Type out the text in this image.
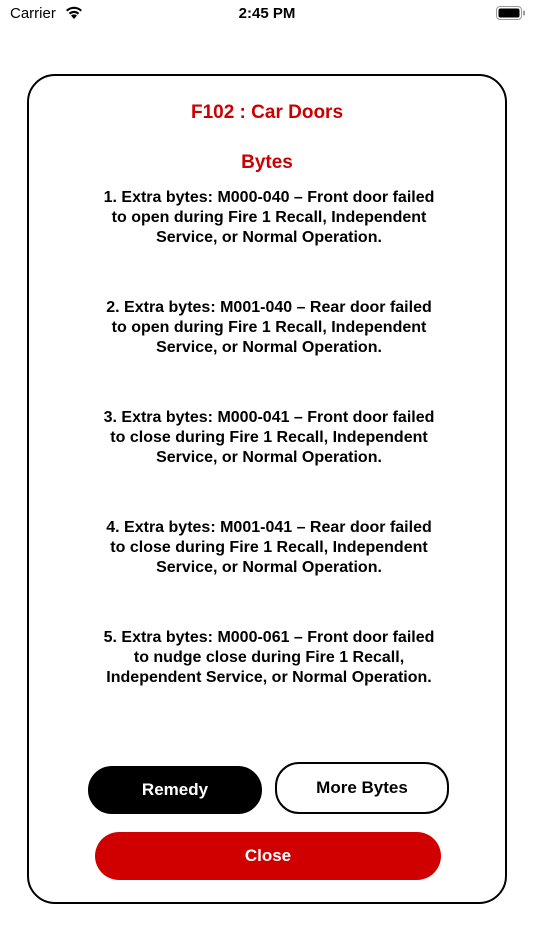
Carrier	2:45 PM
F102 : Car Doors
Bytes
1. Extra bytes: M000-040 – Front door failed
to open during Fire 1 Recall, Independent
Service, or Normal Operation.
2. Extra bytes: M001-040 – Rear door failed
to open during Fire 1 Recall, Independent
Service, or Normal Operation.
3. Extra bytes: M000-041 – Front door failed
to close during Fire 1 Recall, Independent
Service, or Normal Operation.
4. Extra bytes: M001-041 – Rear door failed
to close during Fire 1 Recall, Independent
Service, or Normal Operation.
5. Extra bytes: M000-061 – Front door failed
to nudge close during Fire 1 Recall,
Independent Service, or Normal Operation.
Remedy	More Bytes
Close
